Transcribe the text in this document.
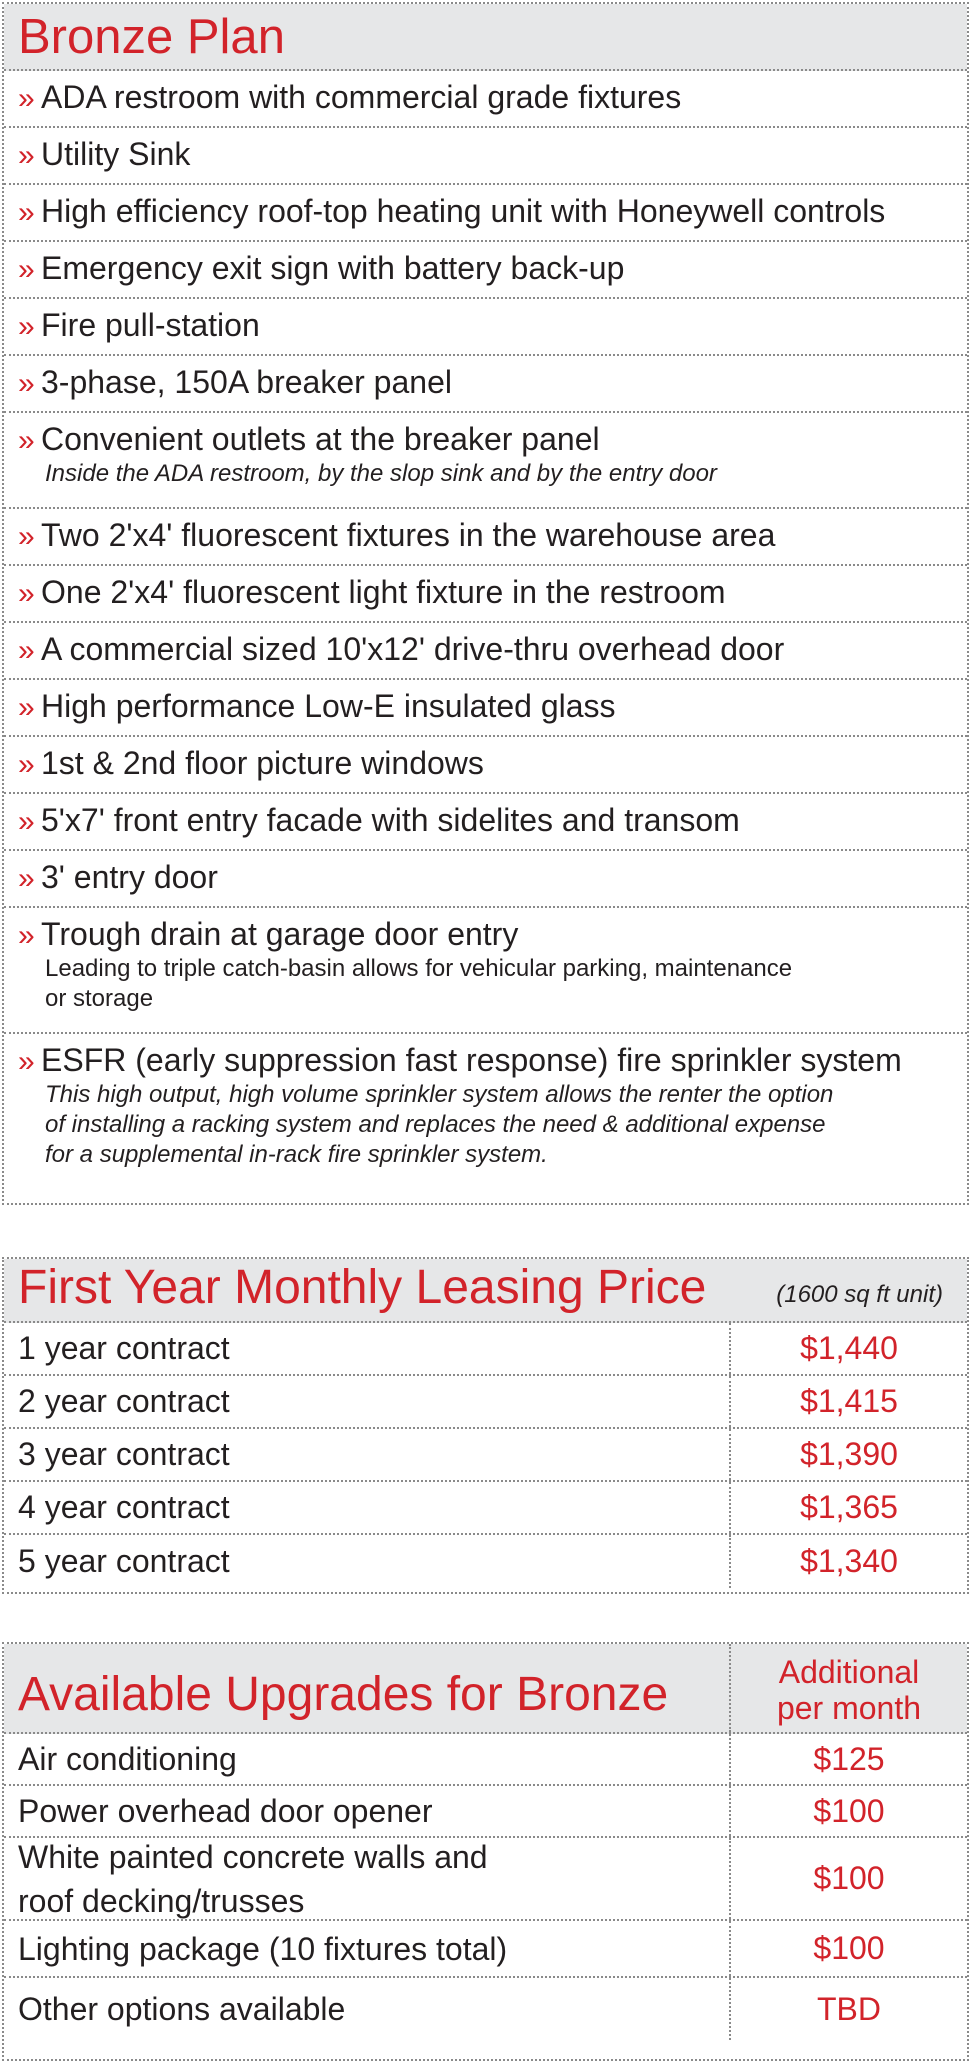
Bronze Plan
» ADA restroom with commercial grade fixtures
» Utility Sink
» High efficiency roof-top heating unit with Honeywell controls
» Emergency exit sign with battery back-up
» Fire pull-station
» 3-phase, 150A breaker panel
» Convenient outlets at the breaker panel
Inside the ADA restroom, by the slop sink and by the entry door
» Two 2'x4' fluorescent fixtures in the warehouse area
» One 2'x4' fluorescent light fixture in the restroom
» A commercial sized 10'x12' drive-thru overhead door
» High performance Low-E insulated glass
» 1st & 2nd floor picture windows
» 5'x7' front entry facade with sidelites and transom
» 3' entry door
» Trough drain at garage door entry
Leading to triple catch-basin allows for vehicular parking, maintenance
or storage
» ESFR (early suppression fast response) fire sprinkler system
This high output, high volume sprinkler system allows the renter the option
of installing a racking system and replaces the need & additional expense
for a supplemental in-rack fire sprinkler system.
First Year Monthly Leasing Price	(1600 sq ft unit)
1 year contract	$1,440
2 year contract	$1,415
3 year contract	$1,390
4 year contract	$1,365
5 year contract	$1,340
Available Upgrades for Bronze	Additional
per month
Air conditioning	$125
Power overhead door opener	$100
White painted concrete walls and
roof decking/trusses
$100
Lighting package (10 fixtures total)	$100
Other options available	TBD
